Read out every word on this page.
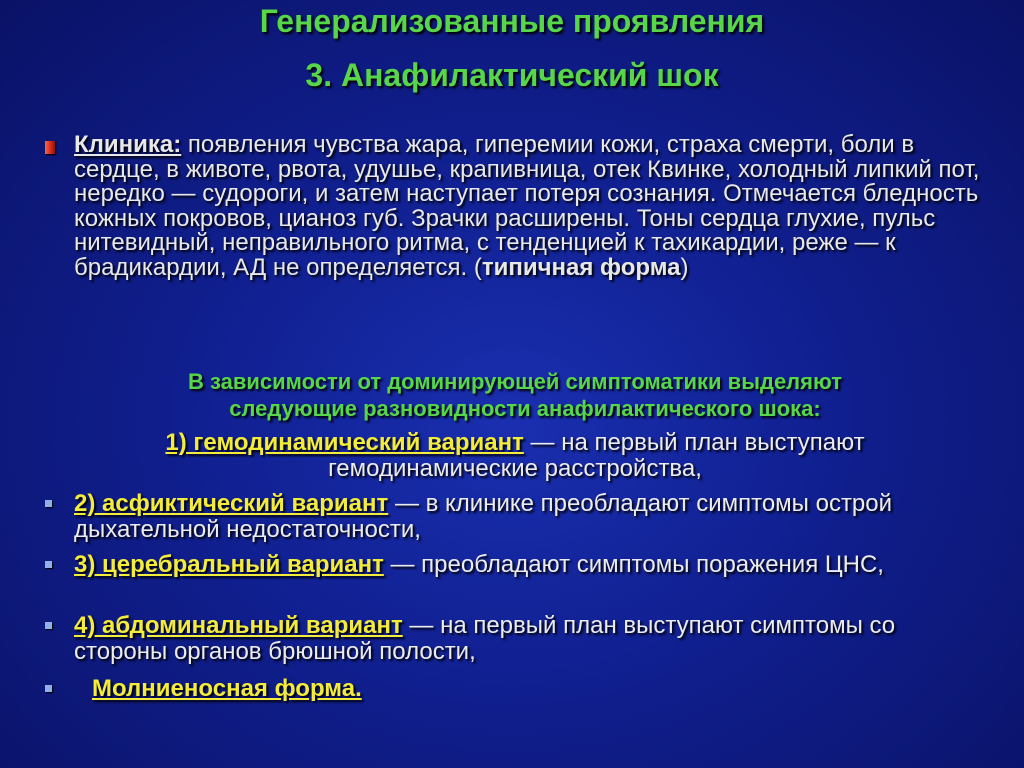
Генерализованные проявления
3. Анафилактический шок
Клиника: появления чувства жара, гиперемии кожи, страха смерти, боли в сердце, в животе, рвота, удушье, крапивница, отек Квинке, холодный липкий пот, нередко — судороги, и затем наступает потеря сознания. Отмечается бледность кожных покровов, цианоз губ. Зрачки расширены. Тоны сердца глухие, пульс нитевидный, неправильного ритма, с тенденцией к тахикардии, реже — к брадикардии, АД не определяется. (типичная форма)
В зависимости от доминирующей симптоматики выделяют
следующие разновидности анафилактического шока:
1) гемодинамический вариант — на первый план выступают гемодинамические расстройства,
2) асфиктический вариант — в клинике преобладают симптомы острой дыхательной недостаточности,
3) церебральный вариант — преобладают симптомы поражения ЦНС,
4) абдоминальный вариант — на первый план выступают симптомы со стороны органов брюшной полости,
Молниеносная форма.
